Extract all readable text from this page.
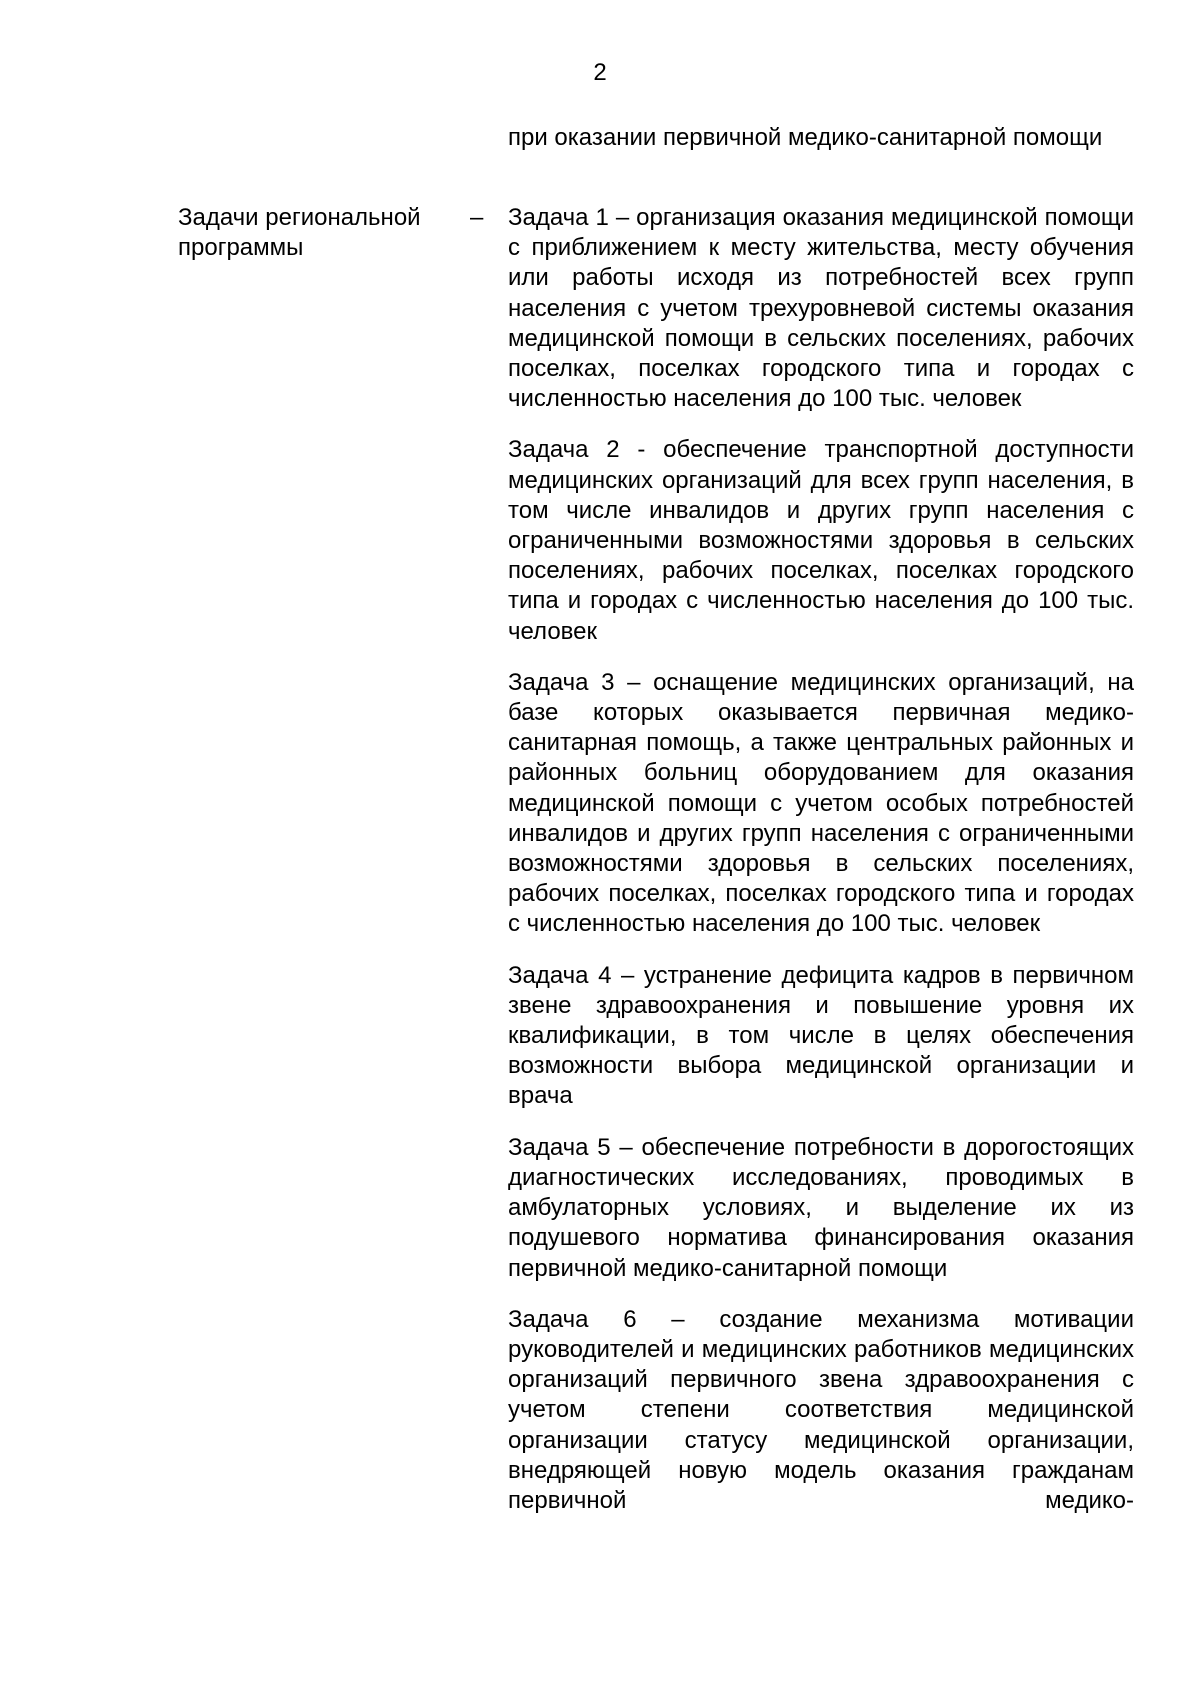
2

при оказании первичной медико-санитарной помощи

Задачи региональной программы
– Задача 1 – организация оказания медицинской помощи с приближением к месту жительства, месту обучения или работы исходя из потребностей всех групп населения с учетом трехуровневой системы оказания медицинской помощи в сельских поселениях, рабочих поселках, поселках городского типа и городах с численностью населения до 100 тыс. человек

Задача 2 - обеспечение транспортной доступности медицинских организаций для всех групп населения, в том числе инвалидов и других групп населения с ограниченными возможностями здоровья в сельских поселениях, рабочих поселках, поселках городского типа и городах с численностью населения до 100 тыс. человек

Задача 3 – оснащение медицинских организаций, на базе которых оказывается первичная медико-санитарная помощь, а также центральных районных и районных больниц оборудованием для оказания медицинской помощи с учетом особых потребностей инвалидов и других групп населения с ограниченными возможностями здоровья в сельских поселениях, рабочих поселках, поселках городского типа и городах с численностью населения до 100 тыс. человек

Задача 4 – устранение дефицита кадров в первичном звене здравоохранения и повышение уровня их квалификации, в том числе в целях обеспечения возможности выбора медицинской организации и врача

Задача 5 – обеспечение потребности в дорогостоящих диагностических исследованиях, проводимых в амбулаторных условиях, и выделение их из подушевого норматива финансирования оказания первичной медико-санитарной помощи

Задача 6 – создание механизма мотивации руководителей и медицинских работников медицинских организаций первичного звена здравоохранения с учетом степени соответствия медицинской организации статусу медицинской организации, внедряющей новую модель оказания гражданам первичной медико-
